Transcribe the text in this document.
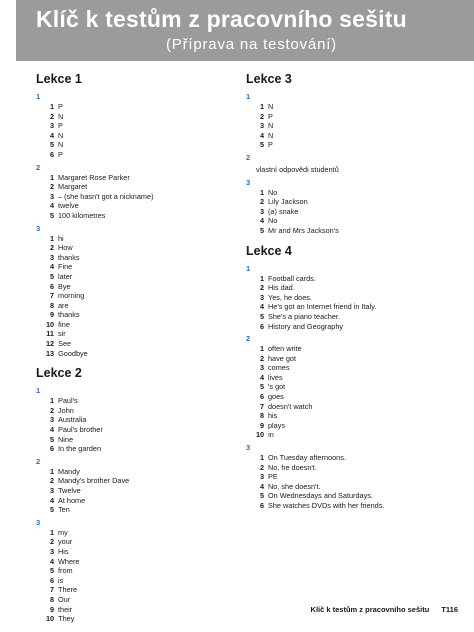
Klíč k testům z pracovního sešitu
(Příprava na testování)
Lekce 1
1
1 P
2 N
3 P
4 N
5 N
6 P
2
1 Margaret Rose Parker
2 Margaret
3 – (she hasn't got a nickname)
4 twelve
5 100 kilometres
3
1 hi
2 How
3 thanks
4 Fine
5 later
6 Bye
7 morning
8 are
9 thanks
10 fine
11 sir
12 See
13 Goodbye
Lekce 2
1
1 Paul's
2 John
3 Australia
4 Paul's brother
5 Nine
6 In the garden
2
1 Mandy
2 Mandy's brother Dave
3 Twelve
4 At home
5 Ten
3
1 my
2 your
3 His
4 Where
5 from
6 is
7 There
8 Our
9 their
10 They
Lekce 3
1
1 N
2 P
3 N
4 N
5 P
2
vlastní odpovědi studentů
3
1 No
2 Lily Jackson
3 (a) snake
4 No
5 Mr and Mrs Jackson's
Lekce 4
1
1 Football cards.
2 His dad.
3 Yes, he does.
4 He's got an Internet friend in Italy.
5 She's a piano teacher.
6 History and Geography
2
1 often write
2 have got
3 comes
4 lives
5 's got
6 goes
7 doesn't watch
8 his
9 plays
10 in
3
1 On Tuesday afternoons.
2 No, he doesn't.
3 PE
4 No, she doesn't.
5 On Wednesdays and Saturdays.
6 She watches DVDs with her friends.
Klíč k testům z pracovního sešitu T116
